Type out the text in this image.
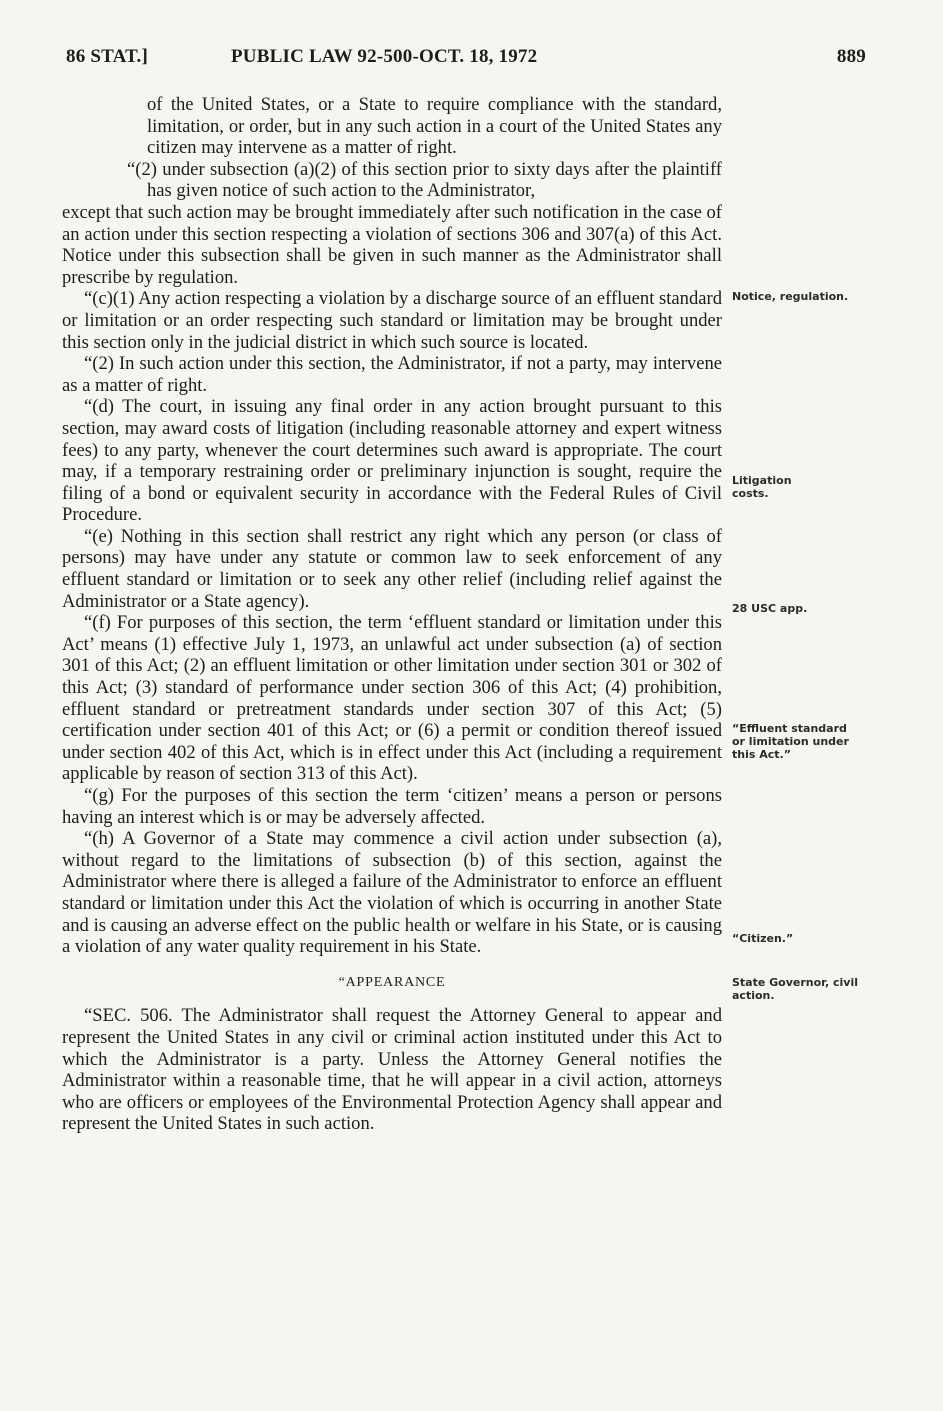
86 STAT.]	PUBLIC LAW 92-500-OCT. 18, 1972	889

of the United States, or a State to require compliance with the standard, limitation, or order, but in any such action in a court of the United States any citizen may intervene as a matter of right.

“(2) under subsection (a)(2) of this section prior to sixty days after the plaintiff has given notice of such action to the Administrator,

except that such action may be brought immediately after such notification in the case of an action under this section respecting a violation of sections 306 and 307(a) of this Act. Notice under this subsection shall be given in such manner as the Administrator shall prescribe by regulation.

“(c)(1) Any action respecting a violation by a discharge source of an effluent standard or limitation or an order respecting such standard or limitation may be brought under this section only in the judicial district in which such source is located.

“(2) In such action under this section, the Administrator, if not a party, may intervene as a matter of right.

“(d) The court, in issuing any final order in any action brought pursuant to this section, may award costs of litigation (including reasonable attorney and expert witness fees) to any party, whenever the court determines such award is appropriate. The court may, if a temporary restraining order or preliminary injunction is sought, require the filing of a bond or equivalent security in accordance with the Federal Rules of Civil Procedure.

“(e) Nothing in this section shall restrict any right which any person (or class of persons) may have under any statute or common law to seek enforcement of any effluent standard or limitation or to seek any other relief (including relief against the Administrator or a State agency).

“(f) For purposes of this section, the term ‘effluent standard or limitation under this Act’ means (1) effective July 1, 1973, an unlawful act under subsection (a) of section 301 of this Act; (2) an effluent limitation or other limitation under section 301 or 302 of this Act; (3) standard of performance under section 306 of this Act; (4) prohibition, effluent standard or pretreatment standards under section 307 of this Act; (5) certification under section 401 of this Act; or (6) a permit or condition thereof issued under section 402 of this Act, which is in effect under this Act (including a requirement applicable by reason of section 313 of this Act).

“(g) For the purposes of this section the term ‘citizen’ means a person or persons having an interest which is or may be adversely affected.

“(h) A Governor of a State may commence a civil action under subsection (a), without regard to the limitations of subsection (b) of this section, against the Administrator where there is alleged a failure of the Administrator to enforce an effluent standard or limitation under this Act the violation of which is occurring in another State and is causing an adverse effect on the public health or welfare in his State, or is causing a violation of any water quality requirement in his State.

“APPEARANCE

“SEC. 506. The Administrator shall request the Attorney General to appear and represent the United States in any civil or criminal action instituted under this Act to which the Administrator is a party. Unless the Attorney General notifies the Administrator within a reasonable time, that he will appear in a civil action, attorneys who are officers or employees of the Environmental Protection Agency shall appear and represent the United States in such action.

Notice, regulation.
Litigation costs.
28 USC app.
“Effluent standard or limitation under this Act.”
“Citizen.”
State Governor, civil action.
